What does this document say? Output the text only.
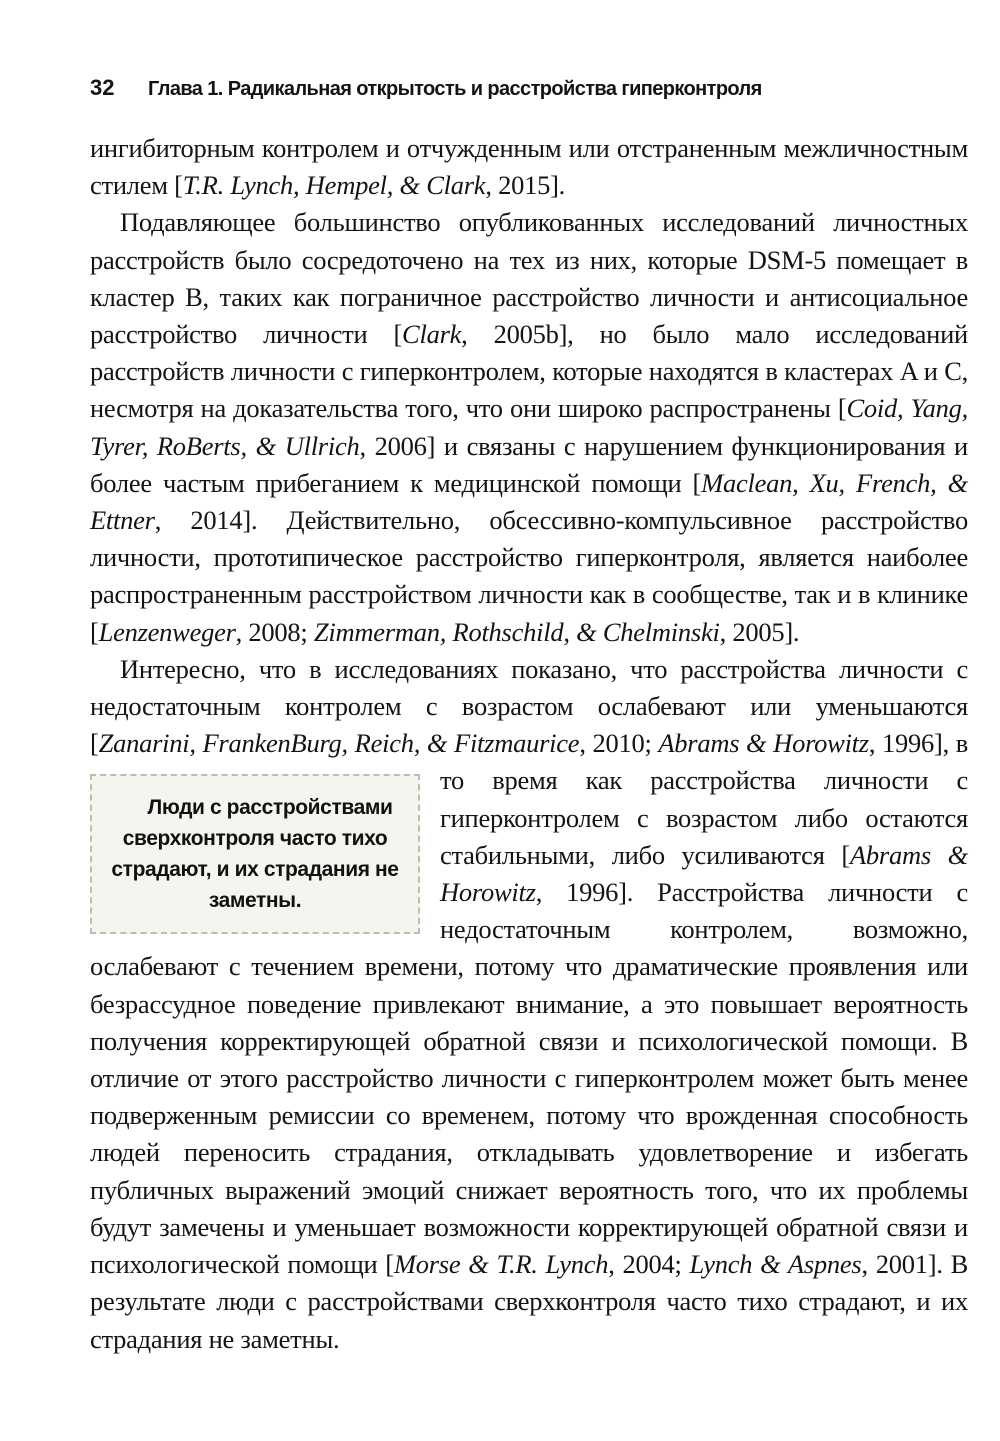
32 Глава 1. Радикальная открытость и расстройства гиперконтроля

ингибиторным контролем и отчужденным или отстраненным межличностным стилем [T.R. Lynch, Hempel, & Clark, 2015].

Подавляющее большинство опубликованных исследований личностных расстройств было сосредоточено на тех из них, которые DSM-5 помещает в кластер B, таких как пограничное расстройство личности и антисоциальное расстройство личности [Clark, 2005b], но было мало исследований расстройств личности с гиперконтролем, которые находятся в кластерах A и C, несмотря на доказательства того, что они широко распространены [Coid, Yang, Tyrer, RoBerts, & Ullrich, 2006] и связаны с нарушением функционирования и более частым прибеганием к медицинской помощи [Maclean, Xu, French, & Ettner, 2014]. Действительно, обсессивно-компульсивное расстройство личности, прототипическое расстройство гиперконтроля, является наиболее распространенным расстройством личности как в сообществе, так и в клинике [Lenzenweger, 2008; Zimmerman, Rothschild, & Chelminski, 2005].

Интересно, что в исследованиях показано, что расстройства личности с недостаточным контролем с возрастом ослабевают или уменьшаются [Zanarini, FrankenBurg, Reich, & Fitzmaurice, 2010; Abrams & Horowitz
Люди с расстройствами сверхконтроля часто тихо страдают, и их страдания не заметны.
, 1996], в то время как расстройства личности с гиперконтролем с возрастом либо остаются стабильными, либо усиливаются [Abrams & Horowitz, 1996]. Расстройства личности с недостаточным контролем, возможно, ослабевают с течением времени, потому что драматические проявления или безрассудное поведение привлекают внимание, а это повышает вероятность получения корректирующей обратной связи и психологической помощи. В отличие от этого расстройство личности с гиперконтролем может быть менее подверженным ремиссии со временем, потому что врожденная способность людей переносить страдания, откладывать удовлетворение и избегать публичных выражений эмоций снижает вероятность того, что их проблемы будут замечены и уменьшает возможности корректирующей обратной связи и психологической помощи [Morse & T.R. Lynch, 2004; Lynch & Aspnes, 2001]. В результате люди с расстройствами сверхконтроля часто тихо страдают, и их страдания не заметны.
